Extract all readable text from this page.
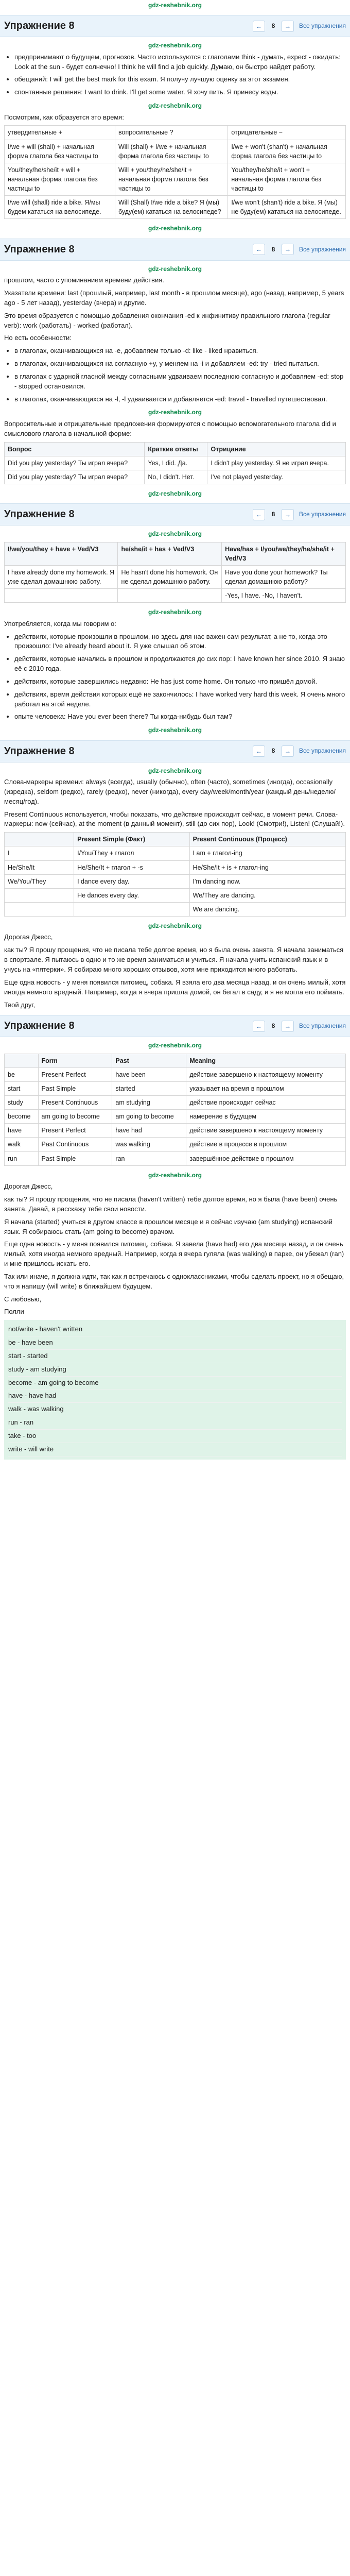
gdz-reshebnik.org
Упражнение 8	←	8	→	Все упражнения
gdz-reshebnik.org
• предпринимают о будущем, прогнозов. Часто используются с глаголами think - думать, expect - ожидать: Look at the sun - будет солнечно! I think he will find a job quickly. Думаю, он быстро найдет работу.
• обещаний: I will get the best mark for this exam. Я получу лучшую оценку за этот экзамен.
• спонтанные решения: I want to drink. I'll get some water. Я хочу пить. Я принесу воды.
gdz-reshebnik.org

Посмотрим, как образуется это время:

утвердительные +	вопросительные ?	отрицательные −
I/we + will (shall) + начальная форма глагола без частицы to	Will (shall) + I/we + начальная форма глагола без частицы to	I/we + won't (shan't) + начальная форма глагола без частицы to
You/they/he/she/it + will + начальная форма глагола без частицы to	Will + you/they/he/she/it + начальная форма глагола без частицы to	You/they/he/she/it + won't + начальная форма глагола без частицы to
I/we will (shall) ride a bike. Я/мы будем кататься на велосипеде.	Will (Shall) I/we ride a bike? Я (мы) буду(ем) кататься на велосипеде?	I/we won't (shan't) ride a bike. Я (мы) не буду(ем) кататься на велосипеде.
gdz-reshebnik.org
Упражнение 8	←	8	→	Все упражнения
gdz-reshebnik.org

прошлом, часто с упоминанием времени действия.

Указатели времени: last (прошлый, например, last month - в прошлом месяце), ago (назад, например, 5 years ago - 5 лет назад), yesterday (вчера) и другие.

Это время образуется с помощью добавления окончания -ed к инфинитиву правильного глагола (regular verb): work (работать) - worked (работал).

Но есть особенности:

• в глаголах, оканчивающихся на -e, добавляем только -d: like - liked нравиться.
• в глаголах, оканчивающихся на согласную +y, у меняем на -i и добавляем -ed: try - tried пытаться.
• в глаголах с ударной гласной между согласными удваиваем последнюю согласную и добавляем -ed: stop - stopped остановился.
• в глаголах, оканчивающихся на -l, -l удваивается и добавляется -ed: travel - travelled путешествовал.
gdz-reshebnik.org

Вопросительные и отрицательные предложения формируются с помощью вспомогательного глагола did и смыслового глагола в начальной форме:

Вопрос	Краткие ответы	Отрицание
Did you play yesterday? Ты играл вчера?	Yes, I did. Да.	I didn't play yesterday. Я не играл вчера.
Did you play yesterday? Ты играл вчера?	No, I didn't. Нет.	I've not played yesterday.
gdz-reshebnik.org
Упражнение 8	←	8	→	Все упражнения
gdz-reshebnik.org
I/we/you/they + have + Ved/V3	he/she/it + has + Ved/V3	Have/has + I/you/we/they/he/she/it + Ved/V3
I have already done my homework. Я уже сделал домашнюю работу.	He hasn't done his homework. Он не сделал домашнюю работу.	Have you done your homework? Ты сделал домашнюю работу?
		-Yes, I have. -No, I haven't.
gdz-reshebnik.org

Употребляется, когда мы говорим о:

• действиях, которые произошли в прошлом, но здесь для нас важен сам результат, а не то, когда это произошло: I've already heard about it. Я уже слышал об этом.
• действиях, которые начались в прошлом и продолжаются до сих пор: I have known her since 2010. Я знаю её с 2010 года.
• действиях, которые завершились недавно: He has just come home. Он только что пришёл домой.
• действиях, время действия которых ещё не закончилось: I have worked very hard this week. Я очень много работал на этой неделе.
• опыте человека: Have you ever been there? Ты когда-нибудь был там?
gdz-reshebnik.org
Упражнение 8	←	8	→	Все упражнения
gdz-reshebnik.org

Слова-маркеры времени: always (всегда), usually (обычно), often (часто), sometimes (иногда), occasionally (изредка), seldom (редко), rarely (редко), never (никогда), every day/week/month/year (каждый день/неделю/месяц/год).

Present Continuous используется, чтобы показать, что действие происходит сейчас, в момент речи. Слова-маркеры: now (сейчас), at the moment (в данный момент), still (до сих пор), Look! (Смотри!), Listen! (Слушай!).

	Present Simple (Факт)	Present Continuous (Процесс)
I	I/You/They + глагол	I am + глагол-ing
He/She/It	He/She/It + глагол + -s	He/She/It + is + глагол-ing
We/You/They	I dance every day.	I'm dancing now.
	He dances every day.	We/They are dancing.
		We are dancing.
gdz-reshebnik.org

Дорогая Джесс,

как ты? Я прошу прощения, что не писала тебе долгое время, но я была очень занята. Я начала заниматься в спортзале. Я пытаюсь в одно и то же время заниматься и учиться. Я начала учить испанский язык и в учусь на «пятерки». Я собираю много хороших отзывов, хотя мне приходится много работать.

Еще одна новость - у меня появился питомец, собака. Я взяла его два месяца назад, и он очень милый, хотя иногда немного вредный. Например, когда я вчера пришла домой, он бегал в саду, и я не могла его поймать.

Твой друг,

Упражнение 8	←	8	→	Все упражнения
gdz-reshebnik.org
	Form	Past	Meaning
be	Present Perfect	have been	действие завершено к настоящему моменту
start	Past Simple	started	указывает на время в прошлом
study	Present Continuous	am studying	действие происходит сейчас
become	am going to become	am going to become	намерение в будущем
have	Present Perfect	have had	действие завершено к настоящему моменту
walk	Past Continuous	was walking	действие в процессе в прошлом
run	Past Simple	ran	завершённое действие в прошлом
gdz-reshebnik.org

Дорогая Джесс,

как ты? Я прошу прощения, что не писала (haven't written) тебе долгое время, но я была (have been) очень занята. Давай, я расскажу тебе свои новости.

Я начала (started) учиться в другом классе в прошлом месяце и я сейчас изучаю (am studying) испанский язык. Я собираюсь стать (am going to become) врачом.

Еще одна новость - у меня появился питомец, собака. Я завела (have had) его два месяца назад, и он очень милый, хотя иногда немного вредный. Например, когда я вчера гуляла (was walking) в парке, он убежал (ran) и мне пришлось искать его.

Так или иначе, я должна идти, так как я встречаюсь с одноклассниками, чтобы сделать проект, но я обещаю, что я напишу (will write) в ближайшем будущем.

С любовью,

Полли

not/write - haven't written
be - have been
start - started
study - am studying
become - am going to become
have - have had
walk - was walking
run - ran
take - too
write - will write
